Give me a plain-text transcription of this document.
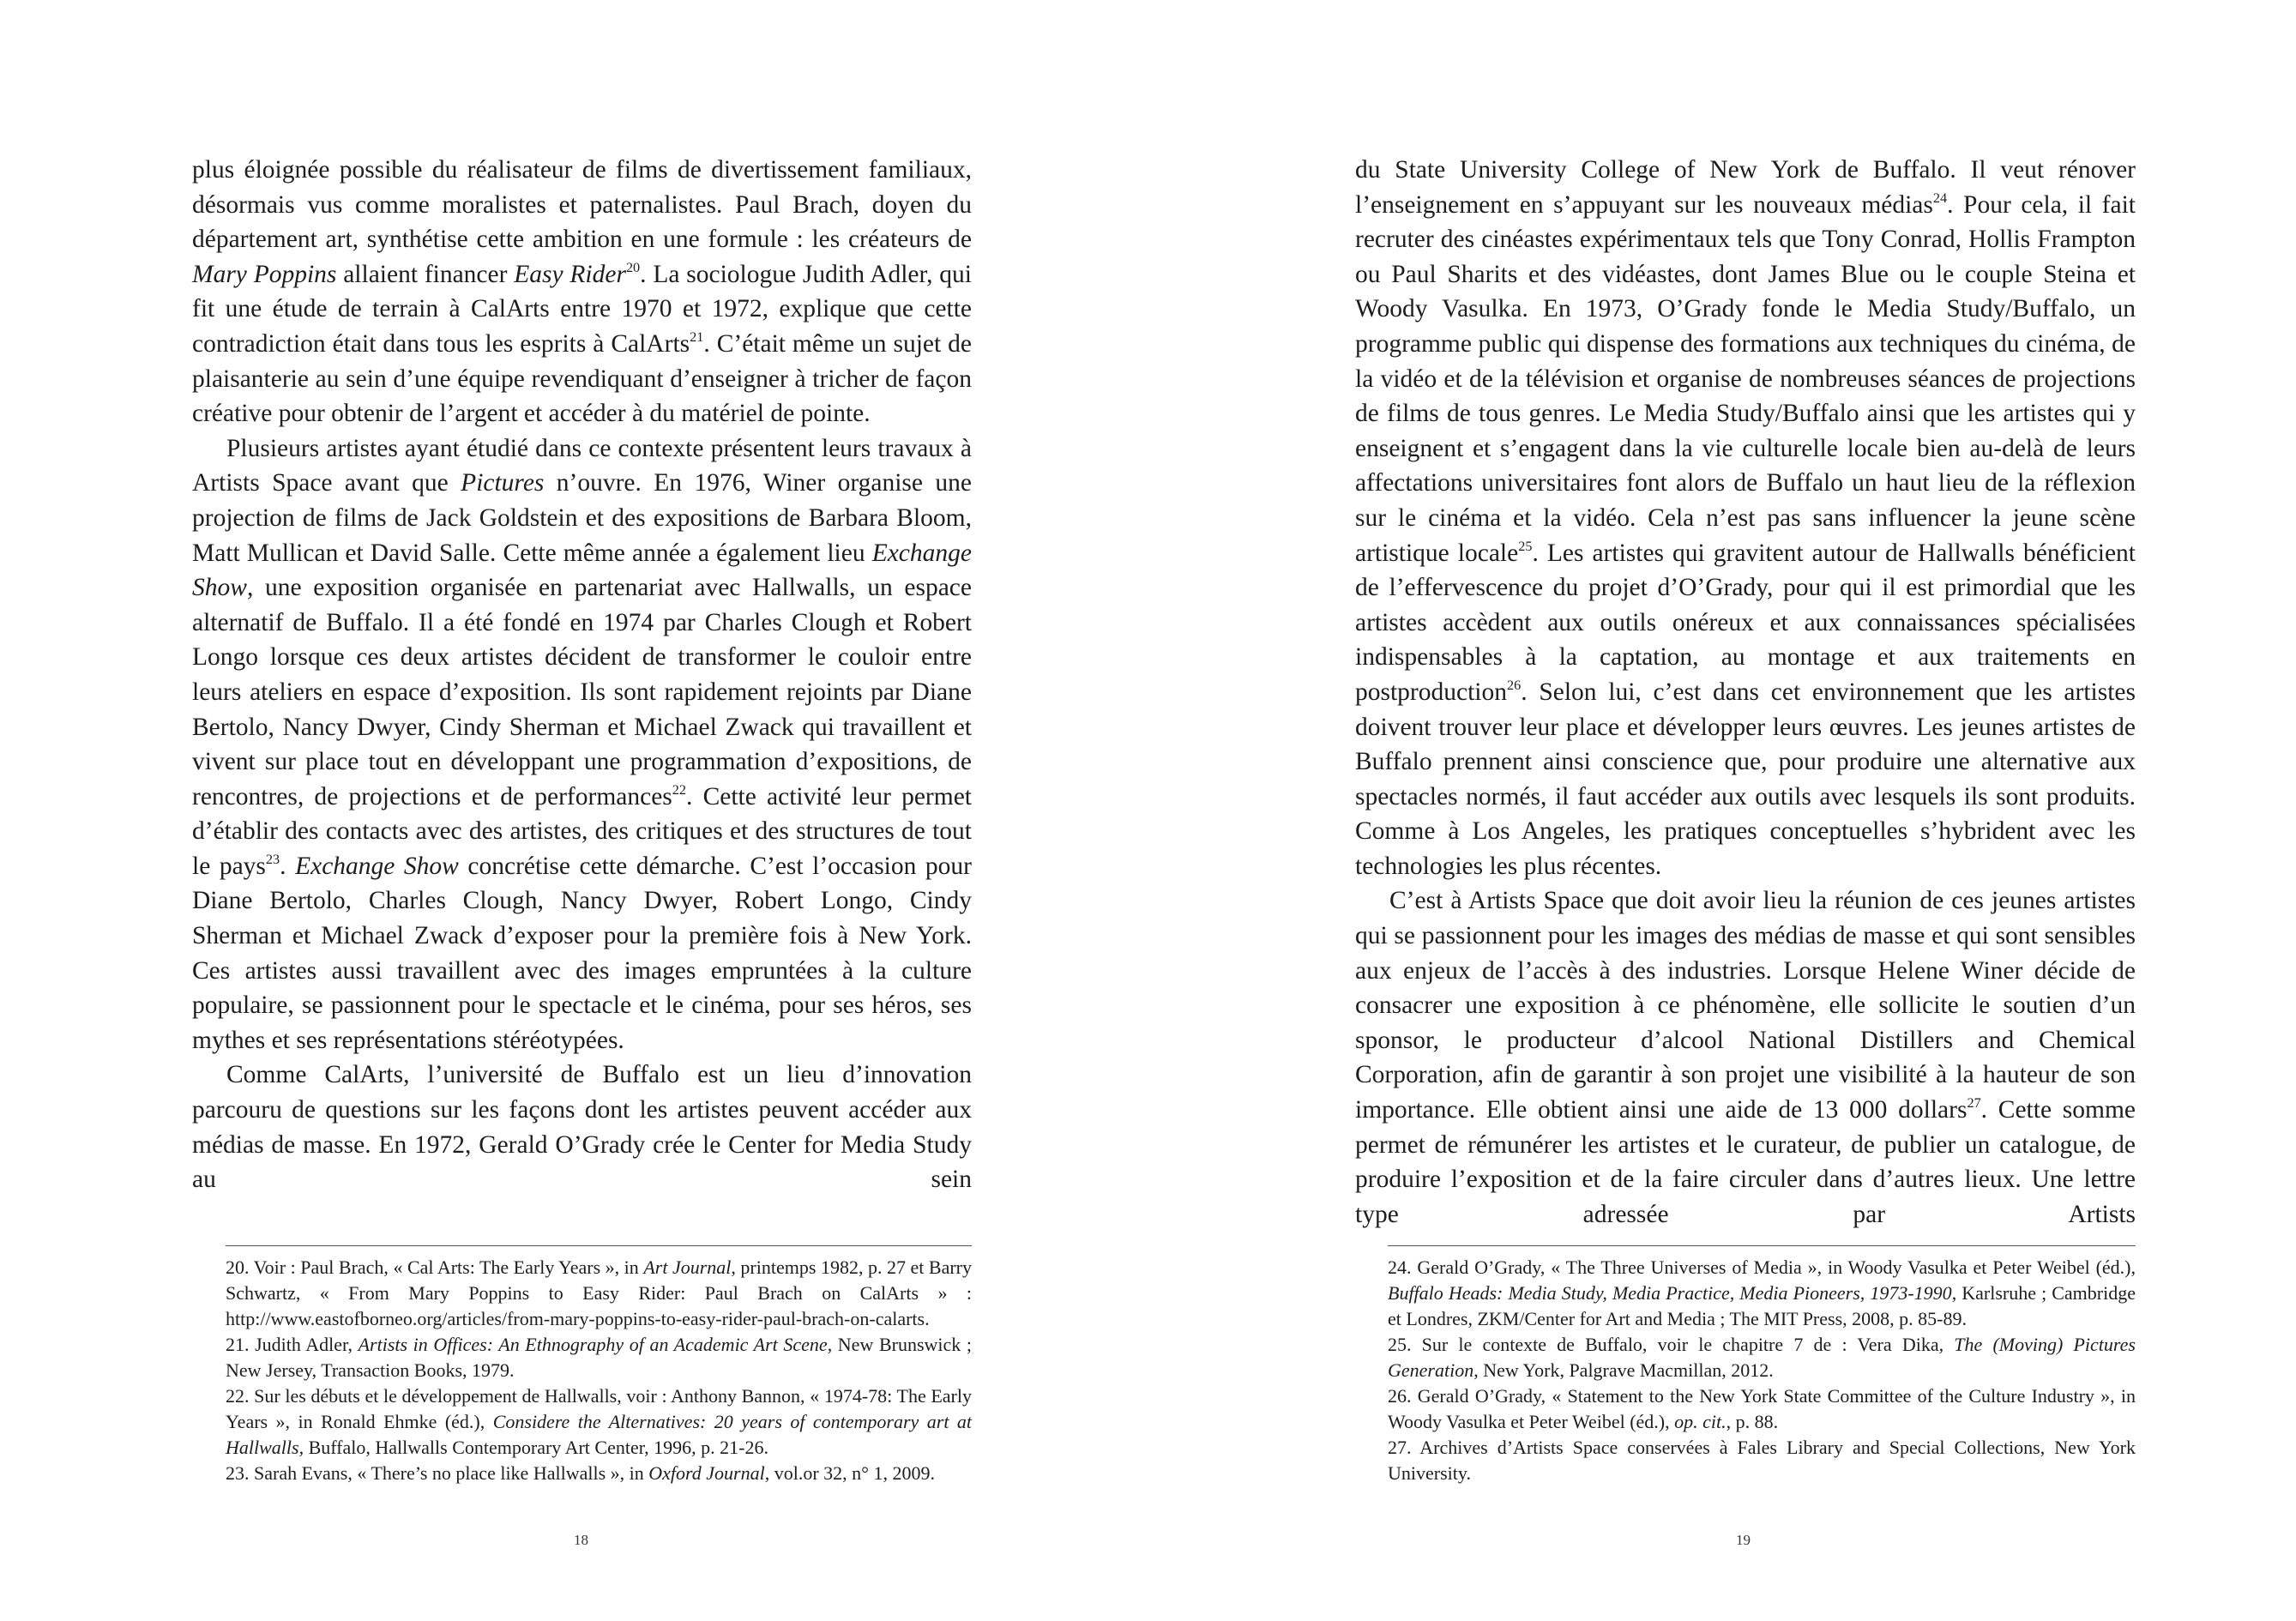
plus éloignée possible du réalisateur de films de divertissement familiaux, désormais vus comme moralistes et paternalistes. Paul Brach, doyen du département art, synthétise cette ambition en une formule : les créateurs de Mary Poppins allaient financer Easy Rider$^{20}$. La sociologue Judith Adler, qui fit une étude de terrain à CalArts entre 1970 et 1972, explique que cette contradiction était dans tous les esprits à CalArts$^{21}$. C’était même un sujet de plaisanterie au sein d’une équipe revendiquant d’enseigner à tricher de façon créative pour obtenir de l’argent et accéder à du matériel de pointe.

Plusieurs artistes ayant étudié dans ce contexte présentent leurs travaux à Artists Space avant que Pictures n’ouvre. En 1976, Winer organise une projection de films de Jack Goldstein et des expositions de Barbara Bloom, Matt Mullican et David Salle. Cette même année a également lieu Exchange Show, une exposition organisée en partenariat avec Hallwalls, un espace alternatif de Buffalo. Il a été fondé en 1974 par Charles Clough et Robert Longo lorsque ces deux artistes décident de transformer le couloir entre leurs ateliers en espace d’exposition. Ils sont rapidement rejoints par Diane Bertolo, Nancy Dwyer, Cindy Sherman et Michael Zwack qui travaillent et vivent sur place tout en développant une programmation d’expositions, de rencontres, de projections et de performances$^{22}$. Cette activité leur permet d’établir des contacts avec des artistes, des critiques et des structures de tout le pays$^{23}$. Exchange Show concrétise cette démarche. C’est l’occasion pour Diane Bertolo, Charles Clough, Nancy Dwyer, Robert Longo, Cindy Sherman et Michael Zwack d’exposer pour la première fois à New York. Ces artistes aussi travaillent avec des images empruntées à la culture populaire, se passionnent pour le spectacle et le cinéma, pour ses héros, ses mythes et ses représentations stéréotypées.

Comme CalArts, l’université de Buffalo est un lieu d’innovation parcouru de questions sur les façons dont les artistes peuvent accéder aux médias de masse. En 1972, Gerald O’Grady crée le Center for Media Study au sein

20. Voir : Paul Brach, « Cal Arts: The Early Years », in Art Journal, printemps 1982, p. 27 et Barry Schwartz, « From Mary Poppins to Easy Rider: Paul Brach on CalArts » : http://www.eastofborneo.org/articles/from-mary-poppins-to-easy-rider-paul-brach-on-calarts.
21. Judith Adler, Artists in Offices: An Ethnography of an Academic Art Scene, New Brunswick ; New Jersey, Transaction Books, 1979.
22. Sur les débuts et le développement de Hallwalls, voir : Anthony Bannon, « 1974-78: The Early Years », in Ronald Ehmke (éd.), Considere the Alternatives: 20 years of contemporary art at Hallwalls, Buffalo, Hallwalls Contemporary Art Center, 1996, p. 21-26.
23. Sarah Evans, « There’s no place like Hallwalls », in Oxford Journal, vol.or 32, n° 1, 2009.
18

du State University College of New York de Buffalo. Il veut rénover l’enseignement en s’appuyant sur les nouveaux médias$^{24}$. Pour cela, il fait recruter des cinéastes expérimentaux tels que Tony Conrad, Hollis Frampton ou Paul Sharits et des vidéastes, dont James Blue ou le couple Steina et Woody Vasulka. En 1973, O’Grady fonde le Media Study/Buffalo, un programme public qui dispense des formations aux techniques du cinéma, de la vidéo et de la télévision et organise de nombreuses séances de projections de films de tous genres. Le Media Study/Buffalo ainsi que les artistes qui y enseignent et s’engagent dans la vie culturelle locale bien au-delà de leurs affectations universitaires font alors de Buffalo un haut lieu de la réflexion sur le cinéma et la vidéo. Cela n’est pas sans influencer la jeune scène artistique locale$^{25}$. Les artistes qui gravitent autour de Hallwalls bénéficient de l’effervescence du projet d’O’Grady, pour qui il est primordial que les artistes accèdent aux outils onéreux et aux connaissances spécialisées indispensables à la captation, au montage et aux traitements en postproduction$^{26}$. Selon lui, c’est dans cet environnement que les artistes doivent trouver leur place et développer leurs œuvres. Les jeunes artistes de Buffalo prennent ainsi conscience que, pour produire une alternative aux spectacles normés, il faut accéder aux outils avec lesquels ils sont produits. Comme à Los Angeles, les pratiques conceptuelles s’hybrident avec les technologies les plus récentes.

C’est à Artists Space que doit avoir lieu la réunion de ces jeunes artistes qui se passionnent pour les images des médias de masse et qui sont sensibles aux enjeux de l’accès à des industries. Lorsque Helene Winer décide de consacrer une exposition à ce phénomène, elle sollicite le soutien d’un sponsor, le producteur d’alcool National Distillers and Chemical Corporation, afin de garantir à son projet une visibilité à la hauteur de son importance. Elle obtient ainsi une aide de 13 000 dollars$^{27}$. Cette somme permet de rémunérer les artistes et le curateur, de publier un catalogue, de produire l’exposition et de la faire circuler dans d’autres lieux. Une lettre type adressée par Artists

24. Gerald O’Grady, « The Three Universes of Media », in Woody Vasulka et Peter Weibel (éd.), Buffalo Heads: Media Study, Media Practice, Media Pioneers, 1973-1990, Karlsruhe ; Cambridge et Londres, ZKM/Center for Art and Media ; The MIT Press, 2008, p. 85-89.
25. Sur le contexte de Buffalo, voir le chapitre 7 de : Vera Dika, The (Moving) Pictures Generation, New York, Palgrave Macmillan, 2012.
26. Gerald O’Grady, « Statement to the New York State Committee of the Culture Industry », in Woody Vasulka et Peter Weibel (éd.), op. cit., p. 88.
27. Archives d’Artists Space conservées à Fales Library and Special Collections, New York University.
19
